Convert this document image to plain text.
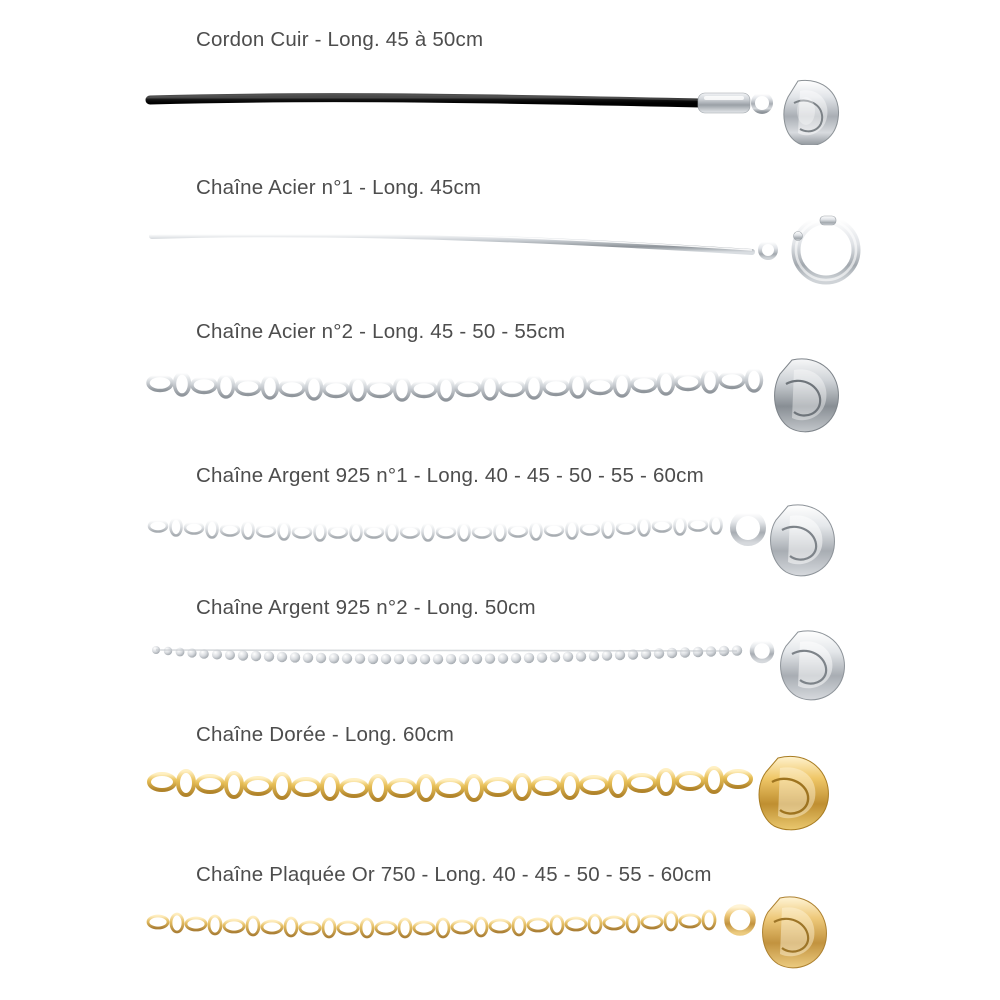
Cordon Cuir - Long. 45 à 50cm
Chaîne Acier n°1 - Long. 45cm
Chaîne Acier n°2 - Long. 45 - 50 - 55cm
Chaîne Argent 925 n°1 - Long. 40 - 45 - 50 - 55 - 60cm
Chaîne Argent 925 n°2 - Long. 50cm
Chaîne Dorée - Long. 60cm
Chaîne Plaquée Or 750 - Long. 40 - 45 - 50 - 55 - 60cm
